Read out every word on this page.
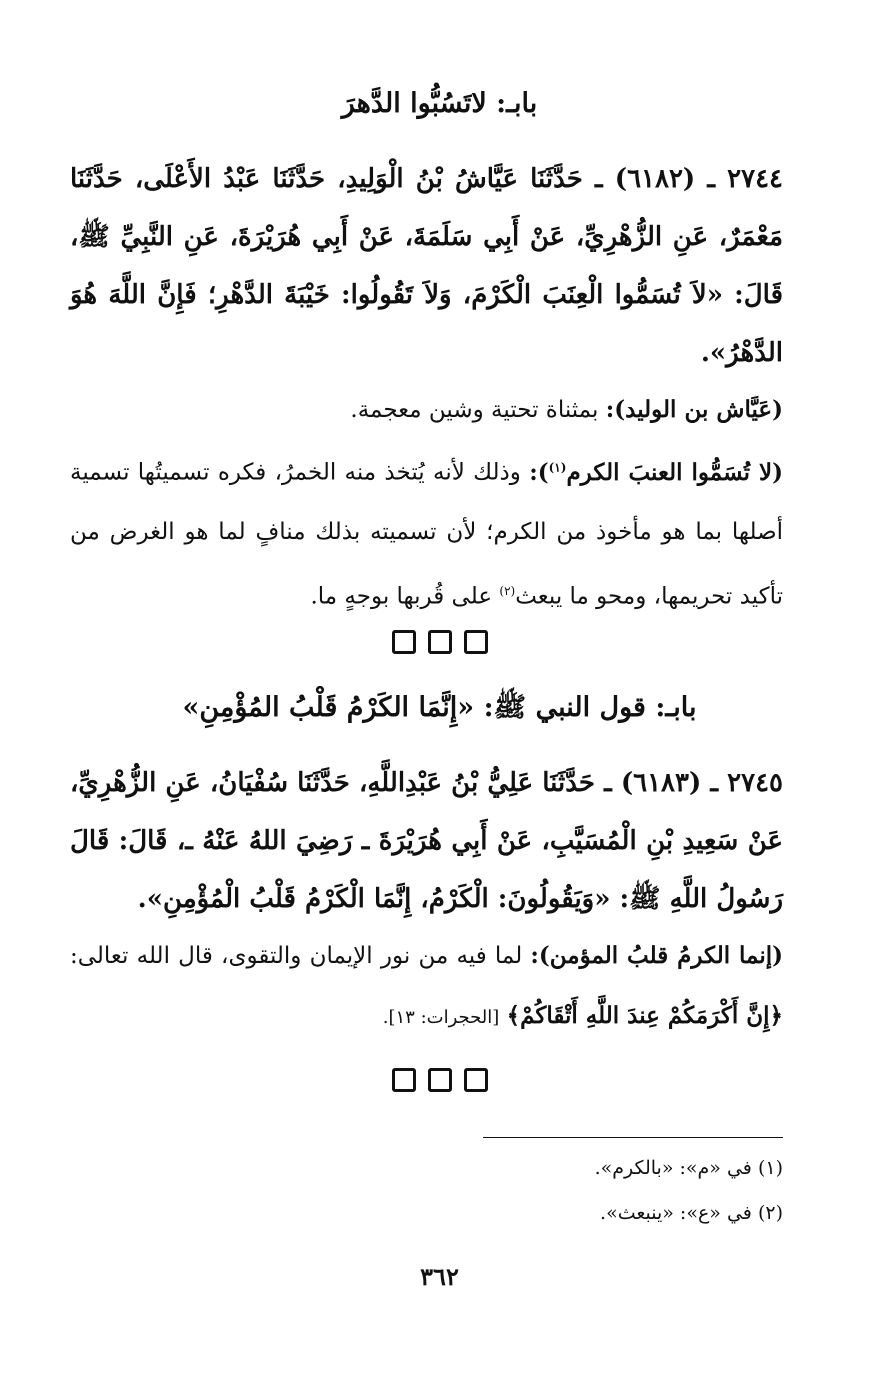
بابـ: لاتَسُبُّوا الدَّهرَ
٢٧٤٤ ـ (٦١٨٢) ـ حَدَّثَنَا عَيَّاشُ بْنُ الْوَلِيدِ، حَدَّثَنَا عَبْدُ الأَعْلَى، حَدَّثَنَا مَعْمَرٌ، عَنِ الزُّهْرِيِّ، عَنْ أَبِي سَلَمَةَ، عَنْ أَبِي هُرَيْرَةَ، عَنِ النَّبِيِّ ﷺ، قَالَ: «لاَ تُسَمُّوا الْعِنَبَ الْكَرْمَ، وَلاَ تَقُولُوا: خَيْبَةَ الدَّهْرِ؛ فَإِنَّ اللَّهَ هُوَ الدَّهْرُ».
(عَيَّاش بن الوليد): بمثناة تحتية وشين معجمة.
(لا تُسَمُّوا العنبَ الكرم$^{(١)}$): وذلك لأنه يُتخذ منه الخمرُ، فكره تسميتُها تسمية أصلها بما هو مأخوذ من الكرم؛ لأن تسميته بذلك منافٍ لما هو الغرض من تأكيد تحريمها، ومحو ما يبعث$^{(٢)}$ على قُربها بوجهٍ ما.
بابـ: قول النبي ﷺ: «إِنَّمَا الكَرْمُ قَلْبُ المُؤْمِنِ»
٢٧٤٥ ـ (٦١٨٣) ـ حَدَّثَنَا عَلِيُّ بْنُ عَبْدِاللَّهِ، حَدَّثَنَا سُفْيَانُ، عَنِ الزُّهْرِيِّ، عَنْ سَعِيدِ بْنِ الْمُسَيَّبِ، عَنْ أَبِي هُرَيْرَةَ ـ رَضِيَ اللهُ عَنْهُ ـ، قَالَ: قَالَ رَسُولُ اللَّهِ ﷺ: «وَيَقُولُونَ: الْكَرْمُ، إِنَّمَا الْكَرْمُ قَلْبُ الْمُؤْمِنِ».
(إنما الكرمُ قلبُ المؤمن): لما فيه من نور الإيمان والتقوى، قال الله تعالى: ﴿إِنَّ أَكْرَمَكُمْ عِندَ اللَّهِ أَتْقَاكُمْ﴾ [الحجرات: ١٣].
(١) في «م»: «بالكرم».
(٢) في «ع»: «ينبعث».
٣٦٢
